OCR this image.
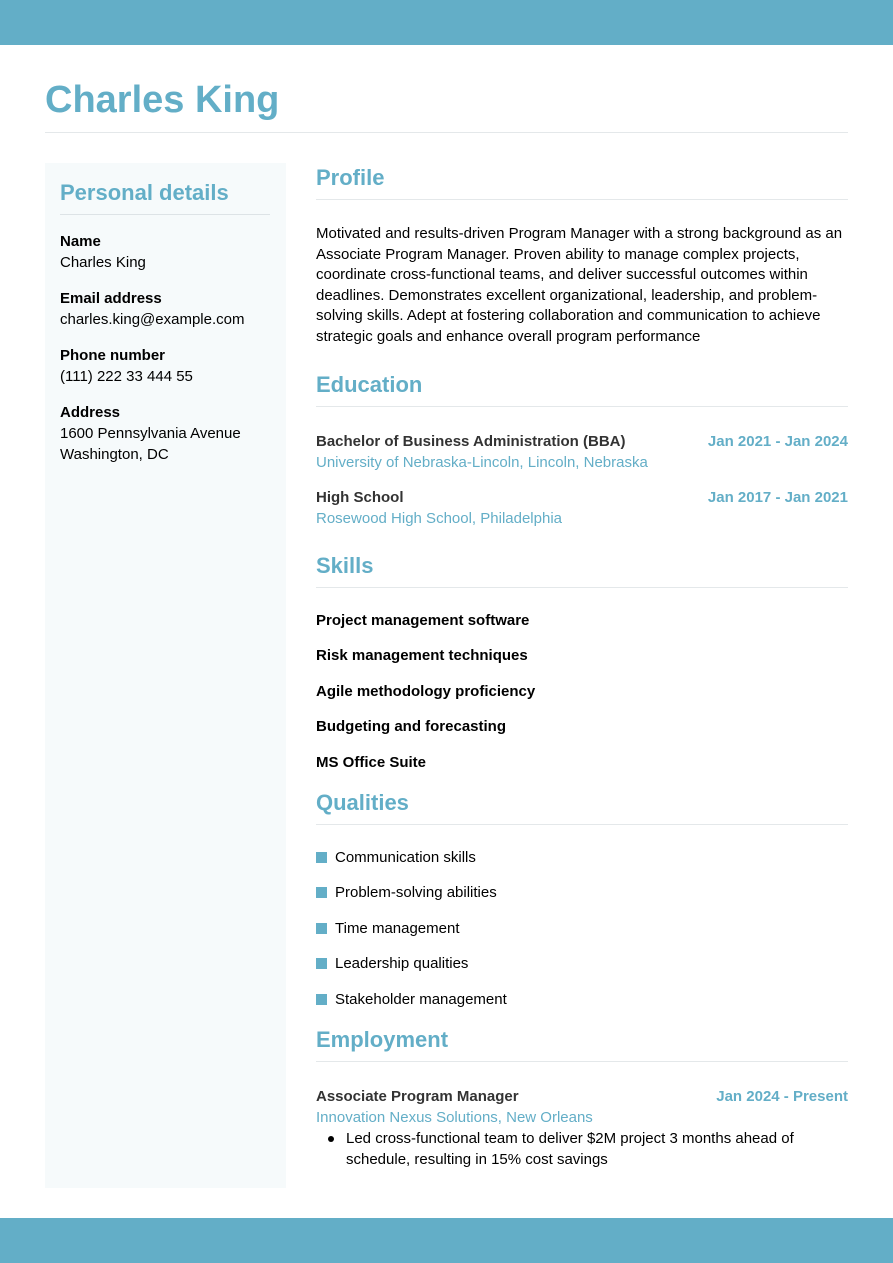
Charles King
Personal details
Name
Charles King
Email address
charles.king@example.com
Phone number
(111) 222 33 444 55
Address
1600 Pennsylvania Avenue
Washington, DC
Profile

Motivated and results-driven Program Manager with a strong background as an Associate Program Manager. Proven ability to manage complex projects, coordinate cross-functional teams, and deliver successful outcomes within deadlines. Demonstrates excellent organizational, leadership, and problem-solving skills. Adept at fostering collaboration and communication to achieve strategic goals and enhance overall program performance

Education
Bachelor of Business Administration (BBA)	Jan 2021 - Jan 2024
University of Nebraska-Lincoln, Lincoln, Nebraska
High School	Jan 2017 - Jan 2021
Rosewood High School, Philadelphia
Skills
Project management software
Risk management techniques
Agile methodology proficiency
Budgeting and forecasting
MS Office Suite
Qualities
Communication skills
Problem-solving abilities
Time management
Leadership qualities
Stakeholder management
Employment
Associate Program Manager	Jan 2024 - Present
Innovation Nexus Solutions, New Orleans
Led cross-functional team to deliver $2M project 3 months ahead of schedule, resulting in 15% cost savings
